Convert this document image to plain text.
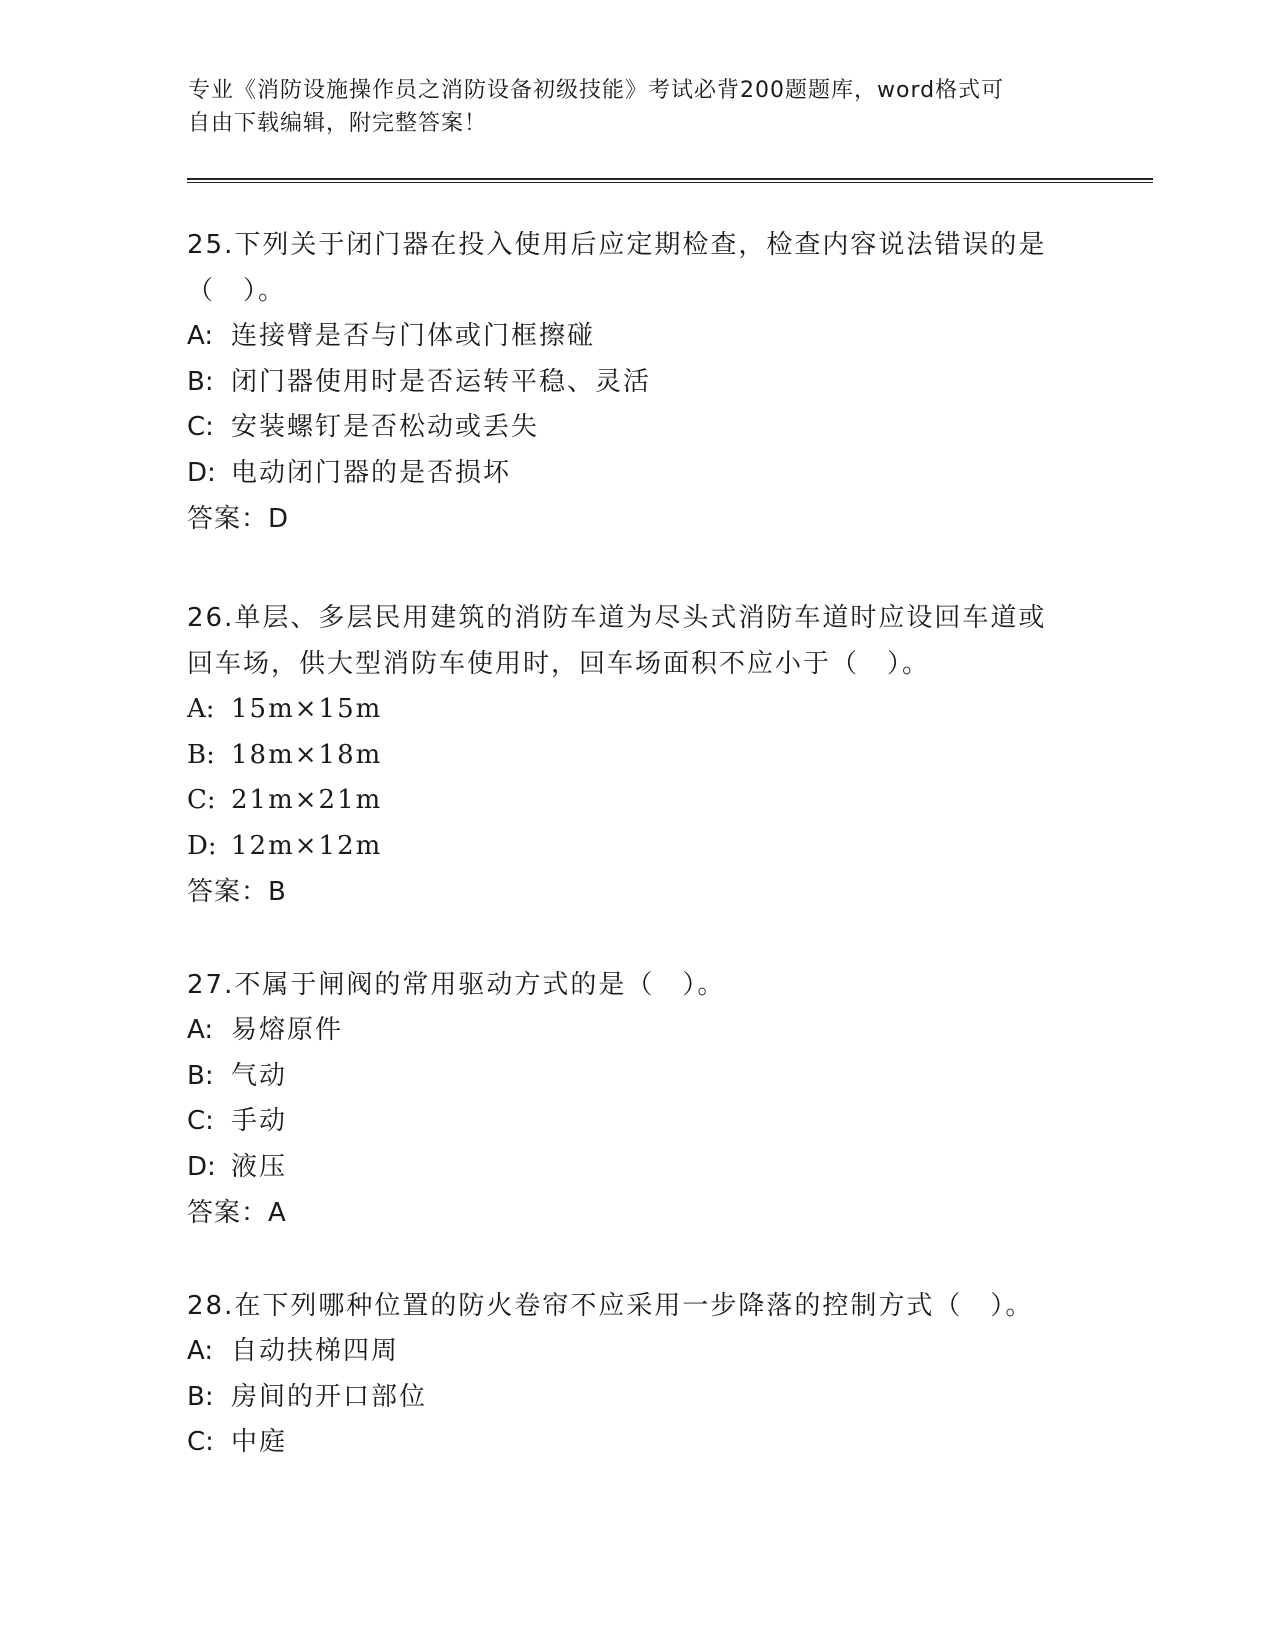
专业《消防设施操作员之消防设备初级技能》考试必背200题题库，word格式可
自由下载编辑，附完整答案！

25.下列关于闭门器在投入使用后应定期检查，检查内容说法错误的是

（　）。

A: 连接臂是否与门体或门框擦碰

B: 闭门器使用时是否运转平稳、灵活

C: 安装螺钉是否松动或丢失

D: 电动闭门器的是否损坏

答案：D

26.单层、多层民用建筑的消防车道为尽头式消防车道时应设回车道或

回车场，供大型消防车使用时，回车场面积不应小于（　）。

A: 15m×15m

B: 18m×18m

C: 21m×21m

D: 12m×12m

答案：B

27.不属于闸阀的常用驱动方式的是（　）。

A: 易熔原件

B: 气动

C: 手动

D: 液压

答案：A

28.在下列哪种位置的防火卷帘不应采用一步降落的控制方式（　）。

A: 自动扶梯四周

B: 房间的开口部位

C: 中庭
